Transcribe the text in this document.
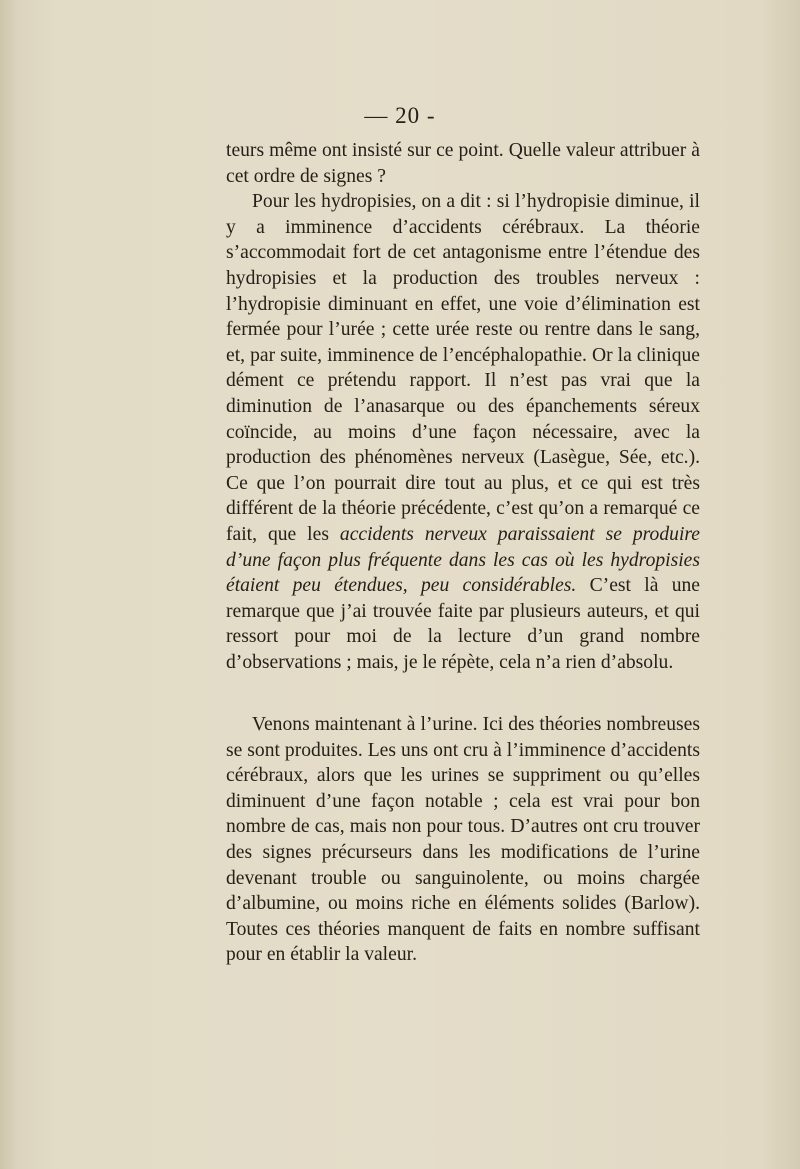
— 20 -

teurs même ont insisté sur ce point. Quelle valeur attribuer à cet ordre de signes ?

Pour les hydropisies, on a dit : si l’hydropisie diminue, il y a imminence d’accidents cérébraux. La théorie s’accommodait fort de cet antagonisme entre l’étendue des hydropisies et la production des troubles nerveux : l’hydropisie diminuant en effet, une voie d’élimination est fermée pour l’urée ; cette urée reste ou rentre dans le sang, et, par suite, imminence de l’encéphalopathie. Or la clinique dément ce prétendu rapport. Il n’est pas vrai que la diminution de l’anasarque ou des épanchements séreux coïncide, au moins d’une façon nécessaire, avec la production des phénomènes nerveux (Lasègue, Sée, etc.). Ce que l’on pourrait dire tout au plus, et ce qui est très différent de la théorie précédente, c’est qu’on a remarqué ce fait, que les accidents nerveux paraissaient se produire d’une façon plus fréquente dans les cas où les hydropisies étaient peu étendues, peu considérables. C’est là une remarque que j’ai trouvée faite par plusieurs auteurs, et qui ressort pour moi de la lecture d’un grand nombre d’observations ; mais, je le répète, cela n’a rien d’absolu.

Venons maintenant à l’urine. Ici des théories nombreuses se sont produites. Les uns ont cru à l’imminence d’accidents cérébraux, alors que les urines se suppriment ou qu’elles diminuent d’une façon notable ; cela est vrai pour bon nombre de cas, mais non pour tous. D’autres ont cru trouver des signes précurseurs dans les modifications de l’urine devenant trouble ou sanguinolente, ou moins chargée d’albumine, ou moins riche en éléments solides (Barlow). Toutes ces théories manquent de faits en nombre suffisant pour en établir la valeur.
